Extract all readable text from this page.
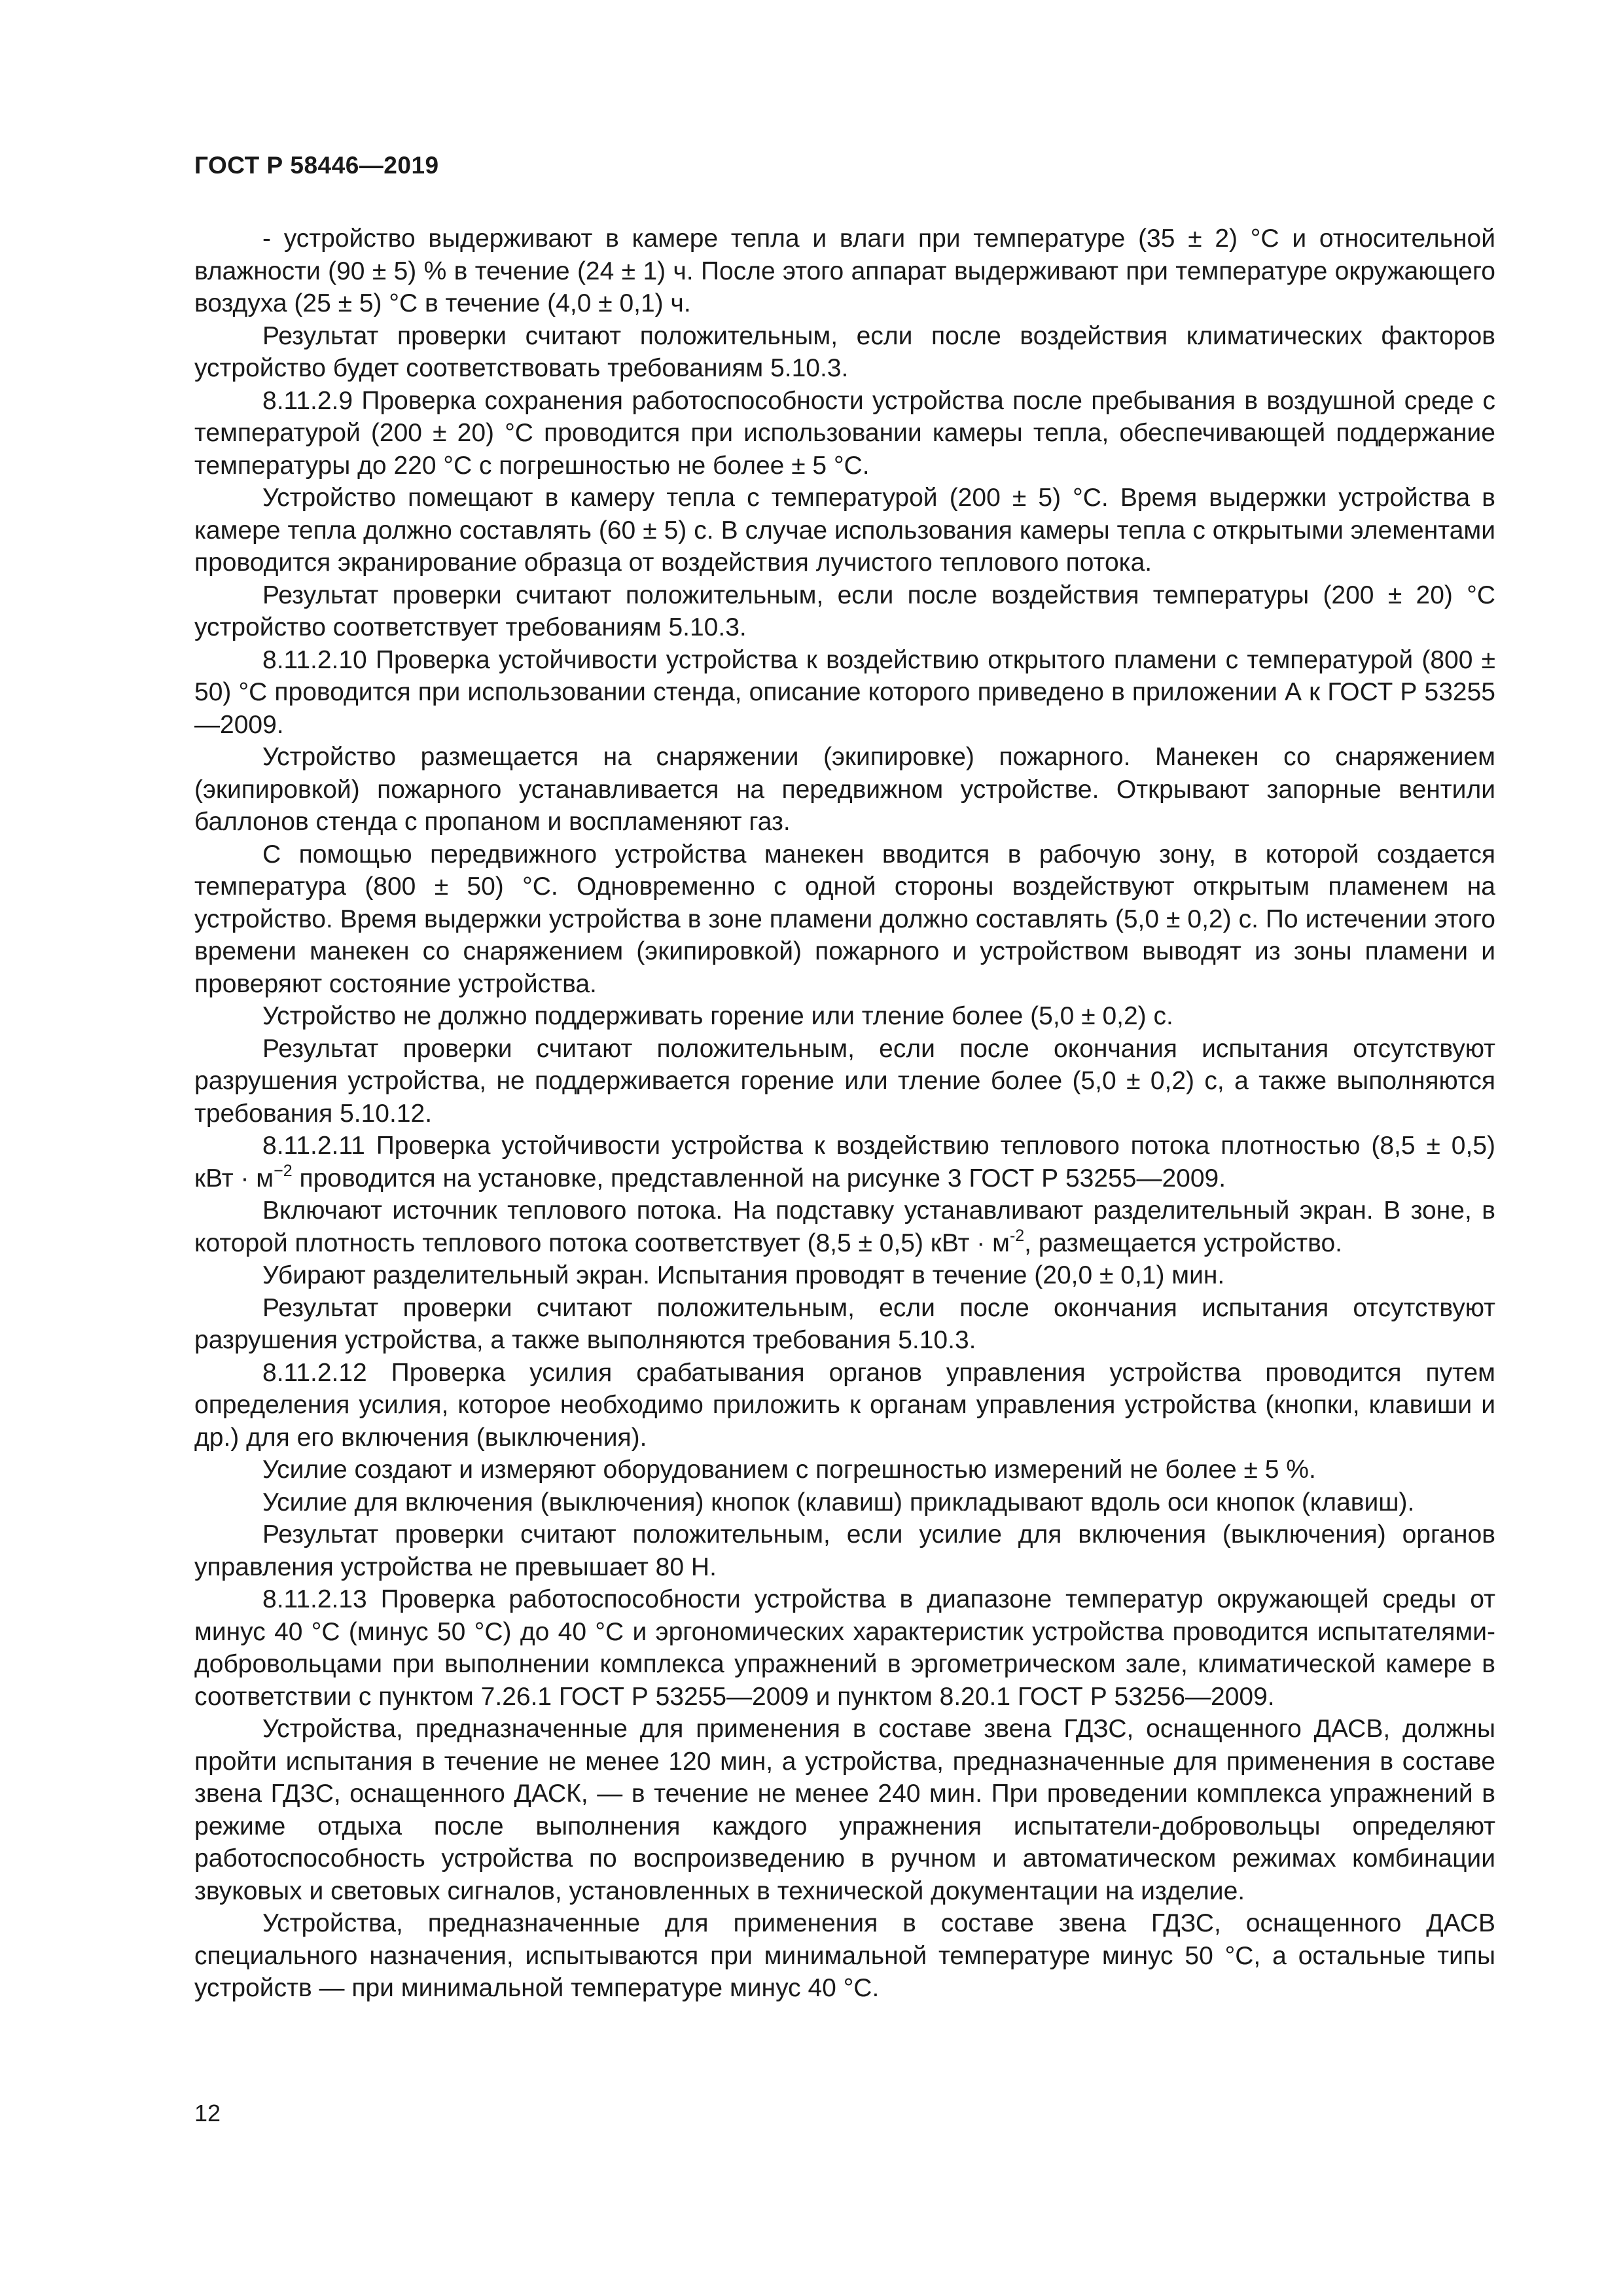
ГОСТ Р 58446—2019

- устройство выдерживают в камере тепла и влаги при температуре (35 ± 2) °С и относительной влажности (90 ± 5) % в течение (24 ± 1) ч. После этого аппарат выдерживают при температуре окружающего воздуха (25 ± 5) °С в течение (4,0 ± 0,1) ч.

Результат проверки считают положительным, если после воздействия климатических факторов устройство будет соответствовать требованиям 5.10.3.

8.11.2.9 Проверка сохранения работоспособности устройства после пребывания в воздушной среде с температурой (200 ± 20) °С проводится при использовании камеры тепла, обеспечивающей поддержание температуры до 220 °С с погрешностью не более ± 5 °С.

Устройство помещают в камеру тепла с температурой (200 ± 5) °С. Время выдержки устройства в камере тепла должно составлять (60 ± 5) с. В случае использования камеры тепла с открытыми элементами проводится экранирование образца от воздействия лучистого теплового потока.

Результат проверки считают положительным, если после воздействия температуры (200 ± 20) °С устройство соответствует требованиям 5.10.3.

8.11.2.10 Проверка устойчивости устройства к воздействию открытого пламени с температурой (800 ± 50) °С проводится при использовании стенда, описание которого приведено в приложении А к ГОСТ Р 53255—2009.

Устройство размещается на снаряжении (экипировке) пожарного. Манекен со снаряжением (экипировкой) пожарного устанавливается на передвижном устройстве. Открывают запорные вентили баллонов стенда с пропаном и воспламеняют газ.

С помощью передвижного устройства манекен вводится в рабочую зону, в которой создается температура (800 ± 50) °С. Одновременно с одной стороны воздействуют открытым пламенем на устройство. Время выдержки устройства в зоне пламени должно составлять (5,0 ± 0,2) с. По истечении этого времени манекен со снаряжением (экипировкой) пожарного и устройством выводят из зоны пламени и проверяют состояние устройства.

Устройство не должно поддерживать горение или тление более (5,0 ± 0,2) с.

Результат проверки считают положительным, если после окончания испытания отсутствуют разрушения устройства, не поддерживается горение или тление более (5,0 ± 0,2) с, а также выполняются требования 5.10.12.

8.11.2.11 Проверка устойчивости устройства к воздействию теплового потока плотностью (8,5 ± 0,5) кВт · $м^{-2}$ проводится на установке, представленной на рисунке 3 ГОСТ Р 53255—2009.

Включают источник теплового потока. На подставку устанавливают разделительный экран. В зоне, в которой плотность теплового потока соответствует (8,5 ± 0,5) кВт · $м^{-2}$, размещается устройство.

Убирают разделительный экран. Испытания проводят в течение (20,0 ± 0,1) мин.

Результат проверки считают положительным, если после окончания испытания отсутствуют разрушения устройства, а также выполняются требования 5.10.3.

8.11.2.12 Проверка усилия срабатывания органов управления устройства проводится путем определения усилия, которое необходимо приложить к органам управления устройства (кнопки, клавиши и др.) для его включения (выключения).

Усилие создают и измеряют оборудованием с погрешностью измерений не более ± 5 %.

Усилие для включения (выключения) кнопок (клавиш) прикладывают вдоль оси кнопок (клавиш).

Результат проверки считают положительным, если усилие для включения (выключения) органов управления устройства не превышает 80 Н.

8.11.2.13 Проверка работоспособности устройства в диапазоне температур окружающей среды от минус 40 °С (минус 50 °С) до 40 °С и эргономических характеристик устройства проводится испытателями-добровольцами при выполнении комплекса упражнений в эргометрическом зале, климатической камере в соответствии с пунктом 7.26.1 ГОСТ Р 53255—2009 и пунктом 8.20.1 ГОСТ Р 53256—2009.

Устройства, предназначенные для применения в составе звена ГДЗС, оснащенного ДАСВ, должны пройти испытания в течение не менее 120 мин, а устройства, предназначенные для применения в составе звена ГДЗС, оснащенного ДАСК, — в течение не менее 240 мин. При проведении комплекса упражнений в режиме отдыха после выполнения каждого упражнения испытатели-добровольцы определяют работоспособность устройства по воспроизведению в ручном и автоматическом режимах комбинации звуковых и световых сигналов, установленных в технической документации на изделие.

Устройства, предназначенные для применения в составе звена ГДЗС, оснащенного ДАСВ специального назначения, испытываются при минимальной температуре минус 50 °С, а остальные типы устройств — при минимальной температуре минус 40 °С.

12
